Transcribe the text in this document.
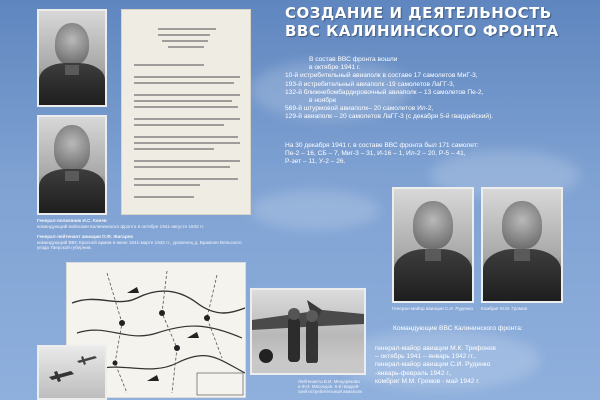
Генерал-полковник И.С. Конев
командующий войсками Калининского фронта в октябре 1941-августе 1942 гг.
Генерал-лейтенант авиации П.Ф. Жигарев
командующий ВВС Красной армии в июне 1941-марте 1942 гг., уроженец д. Бражное Вельского
уезда Тверской губернии.
Лейтенанты В.И. Мещерякова
и Ф.И. Мясоедов. 5-й гвардей-
ский истребительный авиаполк
СОЗДАНИЕ И ДЕЯТЕЛЬНОСТЬ
ВВС КАЛИНИНСКОГО ФРОНТА

В состав ВВС фронта вошли

в октябре 1941 г.

10-й истребительный авиаполк в составе 17 самолетов МиГ-3,

193-й истребительный авиаполк -19 самолетов ЛаГГ-3,

132-й ближнебомбардировочный авиаполк – 13 самолетов Пе-2,

в ноябре

569-й штурмовой авиаполк– 20 самолетов Ил-2,

129-й авиаполк – 20 самолетов ЛаГГ-3 (с декабря 5-й гвардейский).

На 30 декабря 1941 г. в составе ВВС фронта был 171 самолет:

Пе-2 – 16, СБ – 7, Миг-3 – 31, И-16 – 1, Ил-2 – 20, Р-5 – 41,

Р-зет – 11, У-2 – 26.

Генерал-майор авиации С.И. Руденко Комбриг М.М. Громов
Командующие ВВС Калининского фронта:

генерал-майор авиации М.К. Трифонов

– октябрь 1941 – январь 1942 гг.,

генерал-майор авиации С.И. Руденко

-январь-февраль 1942 г.,

комбриг М.М. Громов - май 1942 г.
